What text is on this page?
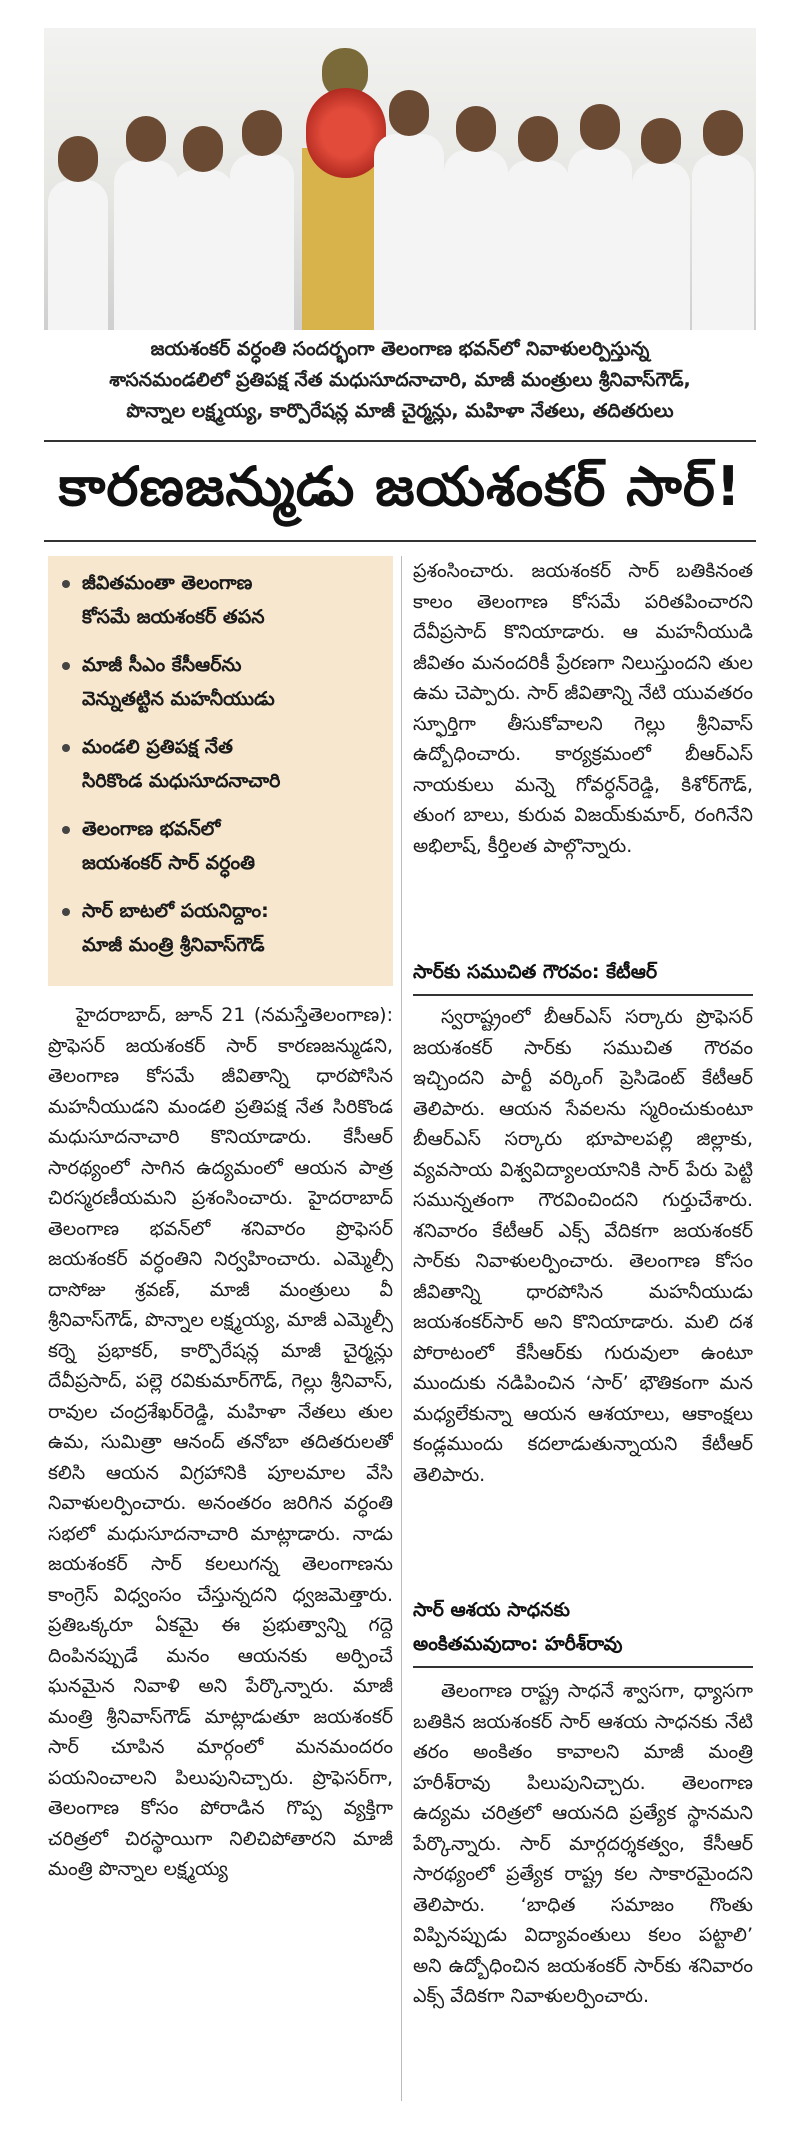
జయశంకర్ వర్ధంతి సందర్భంగా తెలంగాణ భవన్‌లో నివాళులర్పిస్తున్న
శాసనమండలిలో ప్రతిపక్ష నేత మధుసూదనాచారి, మాజీ మంత్రులు శ్రీనివాస్‌గౌడ్,
పొన్నాల లక్ష్మయ్య, కార్పొరేషన్ల మాజీ చైర్మన్లు, మహిళా నేతలు, తదితరులు
కారణజన్ముడు జయశంకర్ సార్!
జీవితమంతా తెలంగాణ
కోసమే జయశంకర్ తపన
మాజీ సీఎం కేసీఆర్‌ను
వెన్నుతట్టిన మహనీయుడు
మండలి ప్రతిపక్ష నేత
సిరికొండ మధుసూదనాచారి
తెలంగాణ భవన్‌లో
జయశంకర్ సార్ వర్ధంతి
సార్ బాటలో పయనిద్దాం:
మాజీ మంత్రి శ్రీనివాస్‌గౌడ్

హైదరాబాద్, జూన్ 21 (నమస్తేతెలంగాణ): ప్రొఫెసర్ జయశంకర్ సార్ కారణజన్ముడని, తెలంగాణ కోసమే జీవితాన్ని ధారపోసిన మహనీయుడని మండలి ప్రతిపక్ష నేత సిరికొండ మధుసూదనాచారి కొనియాడారు. కేసీఆర్ సారథ్యంలో సాగిన ఉద్యమంలో ఆయన పాత్ర చిరస్మరణీయమని ప్రశంసించారు. హైదరాబాద్ తెలంగాణ భవన్‌లో శనివారం ప్రొఫెసర్ జయశంకర్ వర్ధంతిని నిర్వహించారు. ఎమ్మెల్సీ దాసోజు శ్రవణ్, మాజీ మంత్రులు వీ శ్రీనివాస్‌గౌడ్, పొన్నాల లక్ష్మయ్య, మాజీ ఎమ్మెల్సీ కర్నె ప్రభాకర్, కార్పొరేషన్ల మాజీ చైర్మన్లు దేవీప్రసాద్, పల్లె రవికుమార్‌గౌడ్, గెల్లు శ్రీనివాస్, రావుల చంద్రశేఖర్‌రెడ్డి, మహిళా నేతలు తుల ఉమ, సుమిత్రా ఆనంద్ తనోబా తదితరులతో కలిసి ఆయన విగ్రహానికి పూలమాల వేసి నివాళులర్పించారు. అనంతరం జరిగిన వర్ధంతి సభలో మధుసూదనాచారి మాట్లాడారు. నాడు జయశంకర్ సార్ కలలుగన్న తెలంగాణను కాంగ్రెస్ విధ్వంసం చేస్తున్నదని ధ్వజమెత్తారు. ప్రతిఒక్కరూ ఏకమై ఈ ప్రభుత్వాన్ని గద్దె దింపినప్పుడే మనం ఆయనకు అర్పించే ఘనమైన నివాళి అని పేర్కొన్నారు. మాజీ మంత్రి శ్రీనివాస్‌గౌడ్ మాట్లాడుతూ జయశంకర్ సార్ చూపిన మార్గంలో మనమందరం పయనించాలని పిలుపునిచ్చారు. ప్రొఫెసర్‌గా, తెలంగాణ కోసం పోరాడిన గొప్ప వ్యక్తిగా చరిత్రలో చిరస్థాయిగా నిలిచిపోతారని మాజీ మంత్రి పొన్నాల లక్ష్మయ్య

ప్రశంసించారు. జయశంకర్ సార్ బతికినంత కాలం తెలంగాణ కోసమే పరితపించారని దేవీప్రసాద్ కొనియాడారు. ఆ మహనీయుడి జీవితం మనందరికీ ప్రేరణగా నిలుస్తుందని తుల ఉమ చెప్పారు. సార్ జీవితాన్ని నేటి యువతరం స్ఫూర్తిగా తీసుకోవాలని గెల్లు శ్రీనివాస్ ఉద్బోధించారు. కార్యక్రమంలో బీఆర్‌ఎస్ నాయకులు మన్నె గోవర్ధన్‌రెడ్డి, కిశోర్‌గౌడ్, తుంగ బాలు, కురువ విజయ్‌కుమార్, రంగినేని అభిలాష్, కీర్తిలత పాల్గొన్నారు.

సార్‌కు సముచిత గౌరవం: కేటీఆర్

స్వరాష్ట్రంలో బీఆర్‌ఎస్ సర్కారు ప్రొఫెసర్ జయశంకర్ సార్‌కు సముచిత గౌరవం ఇచ్చిందని పార్టీ వర్కింగ్ ప్రెసిడెంట్ కేటీఆర్ తెలిపారు. ఆయన సేవలను స్మరించుకుంటూ బీఆర్‌ఎస్ సర్కారు భూపాలపల్లి జిల్లాకు, వ్యవసాయ విశ్వవిద్యాలయానికి సార్ పేరు పెట్టి సమున్నతంగా గౌరవించిందని గుర్తుచేశారు. శనివారం కేటీఆర్ ఎక్స్ వేదికగా జయశంకర్ సార్‌కు నివాళులర్పించారు. తెలంగాణ కోసం జీవితాన్ని ధారపోసిన మహనీయుడు జయశంకర్‌సార్ అని కొనియాడారు. మలి దశ పోరాటంలో కేసీఆర్‌కు గురువులా ఉంటూ ముందుకు నడిపించిన ‘సార్’ భౌతికంగా మన మధ్యలేకున్నా ఆయన ఆశయాలు, ఆకాంక్షలు కండ్లముందు కదలాడుతున్నాయని కేటీఆర్ తెలిపారు.

సార్ ఆశయ సాధనకు
అంకితమవుదాం: హరీశ్‌రావు

తెలంగాణ రాష్ట్ర సాధనే శ్వాసగా, ధ్యాసగా బతికిన జయశంకర్ సార్ ఆశయ సాధనకు నేటి తరం అంకితం కావాలని మాజీ మంత్రి హరీశ్‌రావు పిలుపునిచ్చారు. తెలంగాణ ఉద్యమ చరిత్రలో ఆయనది ప్రత్యేక స్థానమని పేర్కొన్నారు. సార్ మార్గదర్శకత్వం, కేసీఆర్ సారథ్యంలో ప్రత్యేక రాష్ట్ర కల సాకారమైందని తెలిపారు. ‘బాధిత సమాజం గొంతు విప్పినప్పుడు విద్యావంతులు కలం పట్టాలి’ అని ఉద్బోధించిన జయశంకర్ సార్‌కు శనివారం ఎక్స్ వేదికగా నివాళులర్పించారు.
